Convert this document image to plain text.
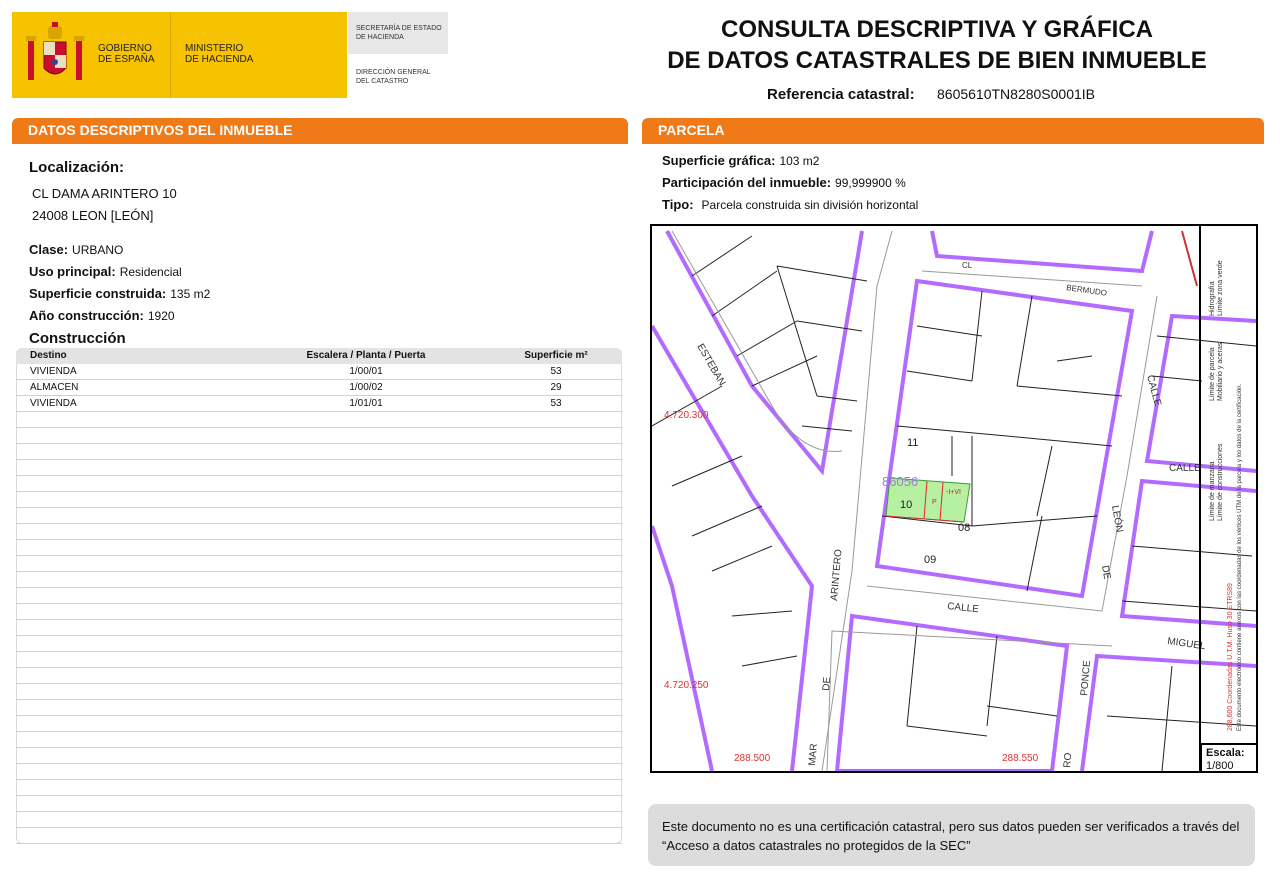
GOBIERNO
DE ESPAÑA
MINISTERIO
DE HACIENDA
SECRETARÍA DE ESTADO
DE HACIENDA
DIRECCIÓN GENERAL
DEL CATASTRO
CONSULTA DESCRIPTIVA Y GRÁFICA
DE DATOS CATASTRALES DE BIEN INMUEBLE
Referencia catastral: 8605610TN8280S0001IB
DATOS DESCRIPTIVOS DEL INMUEBLE
Localización:
CL DAMA ARINTERO 10
24008 LEON [LEÓN]
Clase: URBANO
Uso principal: Residencial
Superficie construida: 135 m2
Año construcción: 1920
Construcción
Destino	Escalera / Planta / Puerta	Superficie m²
VIVIENDA	1/00/01	53
ALMACEN	1/00/02	29
VIVIENDA	1/01/01	53
PARCELA
Superficie gráfica: 103 m2
Participación del inmueble: 99,999900 %
Tipo: Parcela construida sin división horizontal
ESTEBAN
CL
BERMUDO
CALLE
CALLE
CALLE
LEÓN
DE
ARINTERO
DE
MIGUEL
PONCE
MAR	RO
11
10
09
08
P
-I+VI
86056
4.720.300
4.720.250
288.500	288.550
Límite de manzana
Límite de parcela
Límite de construcciones
Mobiliario y aceras
Límite zona verde
Hidrografía
288,600 Coordenadas U.T.M. Huso 30 ETRS89 Este documento electrónico contiene anexos con las coordenadas de los vértices UTM de la parcela y los datos de la certificación.
Escala:
1/800
Este documento no es una certificación catastral, pero sus datos pueden ser verificados a través del “Acceso a datos catastrales no protegidos de la SEC”
